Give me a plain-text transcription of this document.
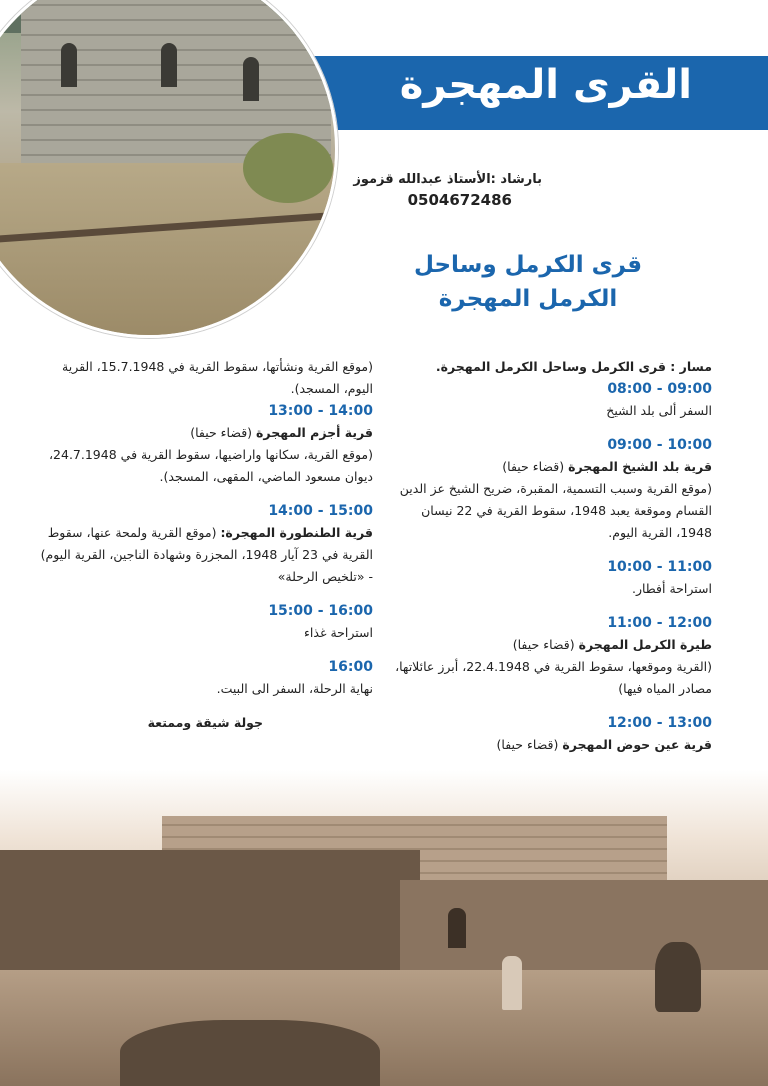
القرى المهجرة
بارشاد :الأستاذ عبدالله قزموز
0504672486
قرى الكرمل وساحل
الكرمل المهجرة
مسار : قرى الكرمل وساحل الكرمل المهجرة.
08:00 - 09:00
السفر ألى بلد الشيخ
09:00 - 10:00
قرية بلد الشيخ المهجرة (قضاء حيفا)
(موقع القرية وسبب التسمية، المقبرة، ضريح الشيخ عز الدين القسام وموقعة يعبد 1948، سقوط القرية في 22 نيسان 1948، القرية اليوم.
10:00 - 11:00
استراحة أفطار.
11:00 - 12:00
طيرة الكرمل المهجرة (قضاء حيفا)
(القرية وموقعها، سقوط القرية في 22.4.1948، أبرز عائلاتها، مصادر المياه فيها)
12:00 - 13:00
قرية عين حوض المهجرة (قضاء حيفا)
(موقع القرية ونشأتها، سقوط القرية في 15.7.1948، القرية اليوم، المسجد).
13:00 - 14:00
قرية أجزم المهجرة (قضاء حيفا)
(موقع القرية، سكانها واراضيها، سقوط القرية في 24.7.1948، ديوان مسعود الماضي، المقهى، المسجد).
14:00 - 15:00
قرية الطنطورة المهجرة: (موقع القرية ولمحة عنها، سقوط القرية في 23 آيار 1948، المجزرة وشهادة الناجين، القرية اليوم) - «تلخيص الرحلة»
15:00 - 16:00
استراحة غذاء
16:00
نهاية الرحلة، السفر الى البيت.
جولة شيقة وممتعة
